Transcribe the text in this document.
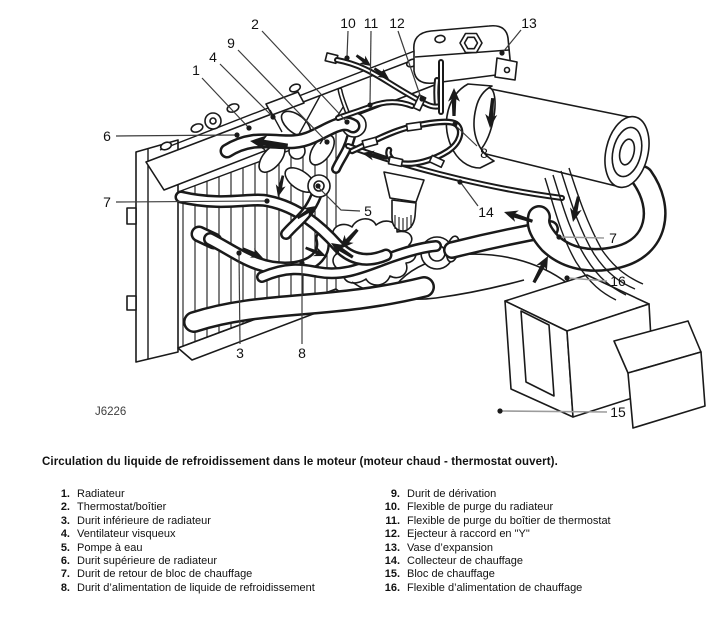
1
4
9
2	10 11 12	13
6
7
5	14
8
3	8
7
16
15
J6226
Circulation du liquide de refroidissement dans le moteur (moteur chaud - thermostat ouvert).
1. Radiateur
2. Thermostat/boîtier
3. Durit inférieure de radiateur
4. Ventilateur visqueux
5. Pompe à eau
6. Durit supérieure de radiateur
7. Durit de retour de bloc de chauffage
8. Durit d’alimentation de liquide de refroidissement
9. Durit de dérivation
10. Flexible de purge du radiateur
11. Flexible de purge du boîtier de thermostat
12. Ejecteur à raccord en "Y"
13. Vase d’expansion
14. Collecteur de chauffage
15. Bloc de chauffage
16. Flexible d’alimentation de chauffage
